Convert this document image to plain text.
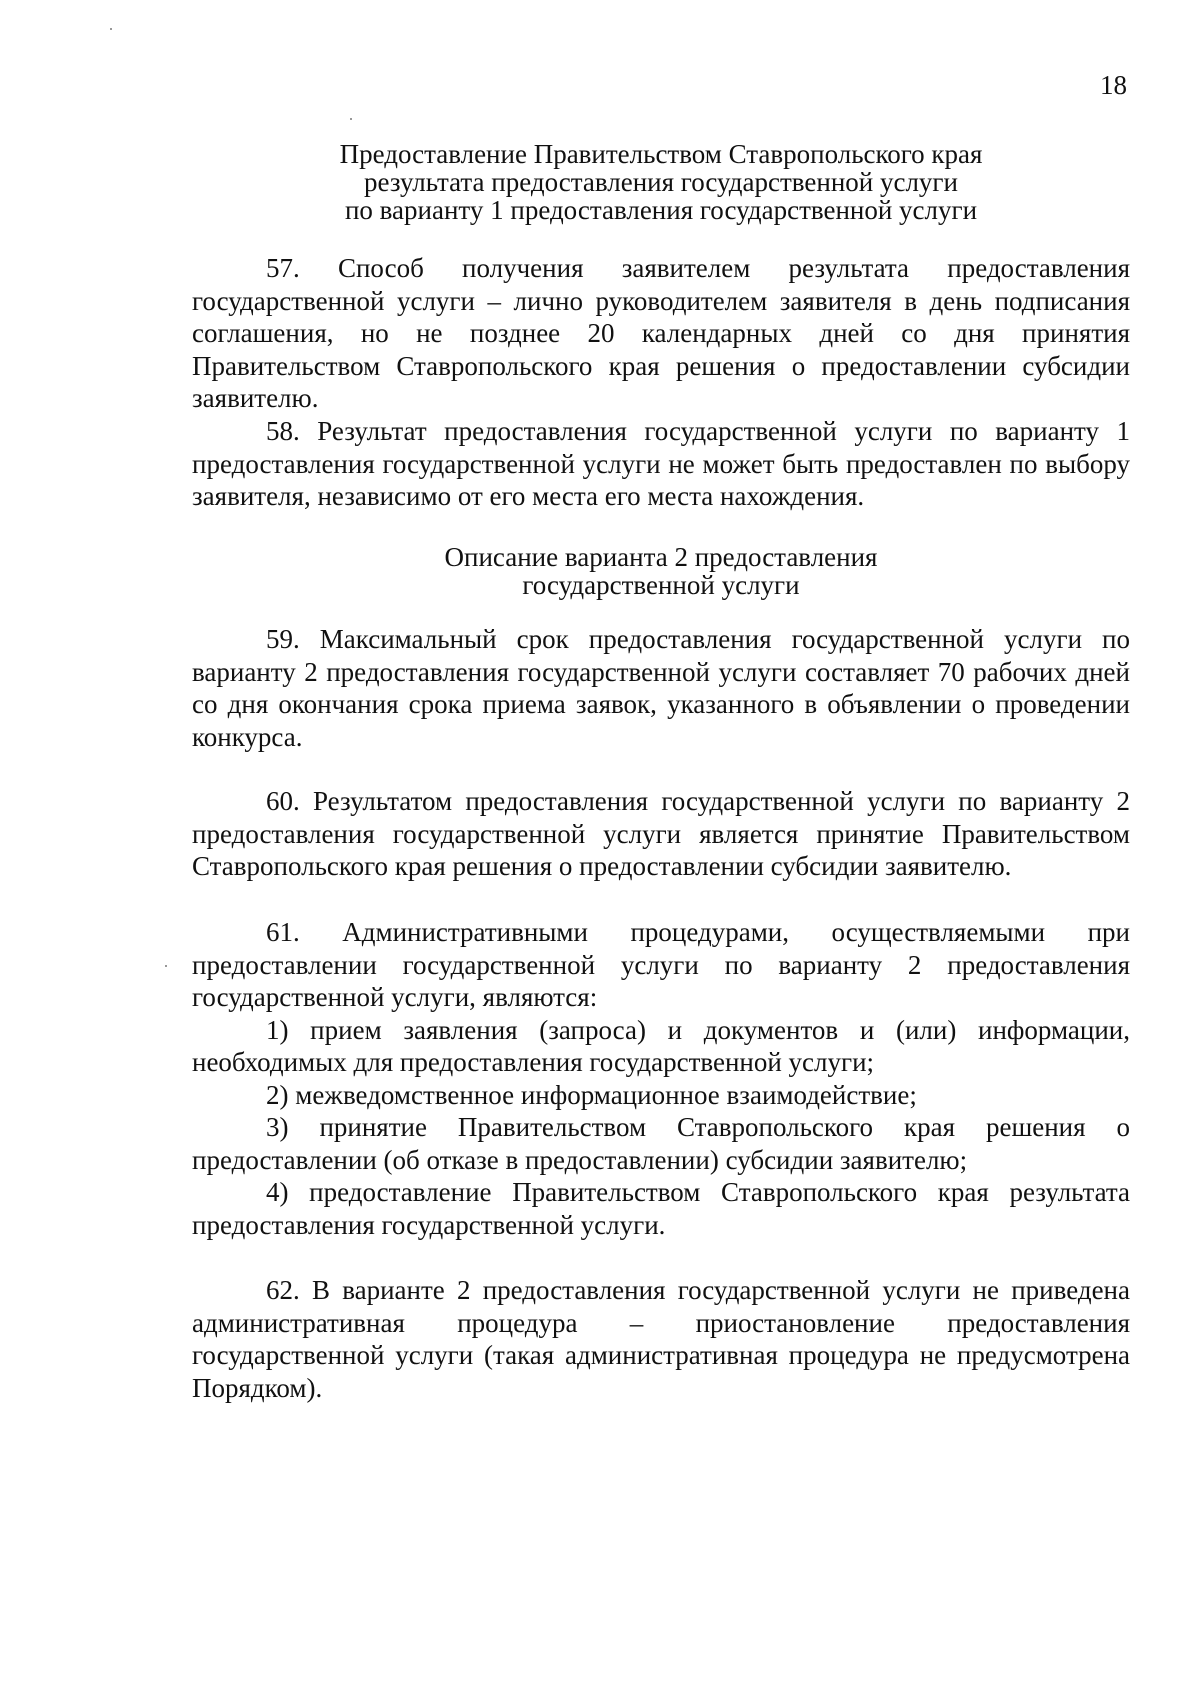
18
Предоставление Правительством Ставропольского края
результата предоставления государственной услуги
по варианту 1 предоставления государственной услуги

57. Способ получения заявителем результата предоставления государственной услуги – лично руководителем заявителя в день подписания соглашения, но не позднее 20 календарных дней со дня принятия Правительством Ставропольского края решения о предоставлении субсидии заявителю.

58. Результат предоставления государственной услуги по варианту 1 предоставления государственной услуги не может быть предоставлен по выбору заявителя, независимо от его места его места нахождения.

Описание варианта 2 предоставления
государственной услуги

59. Максимальный срок предоставления государственной услуги по варианту 2 предоставления государственной услуги составляет 70 рабочих дней со дня окончания срока приема заявок, указанного в объявлении о проведении конкурса.

60. Результатом предоставления государственной услуги по варианту 2 предоставления государственной услуги является принятие Правительством Ставропольского края решения о предоставлении субсидии заявителю.

61. Административными процедурами, осуществляемыми при предоставлении государственной услуги по варианту 2 предоставления государственной услуги, являются:

1) прием заявления (запроса) и документов и (или) информации, необходимых для предоставления государственной услуги;

2) межведомственное информационное взаимодействие;

3) принятие Правительством Ставропольского края решения о предоставлении (об отказе в предоставлении) субсидии заявителю;

4) предоставление Правительством Ставропольского края результата предоставления государственной услуги.

62. В варианте 2 предоставления государственной услуги не приведена административная процедура – приостановление предоставления государственной услуги (такая административная процедура не предусмотрена Порядком).
